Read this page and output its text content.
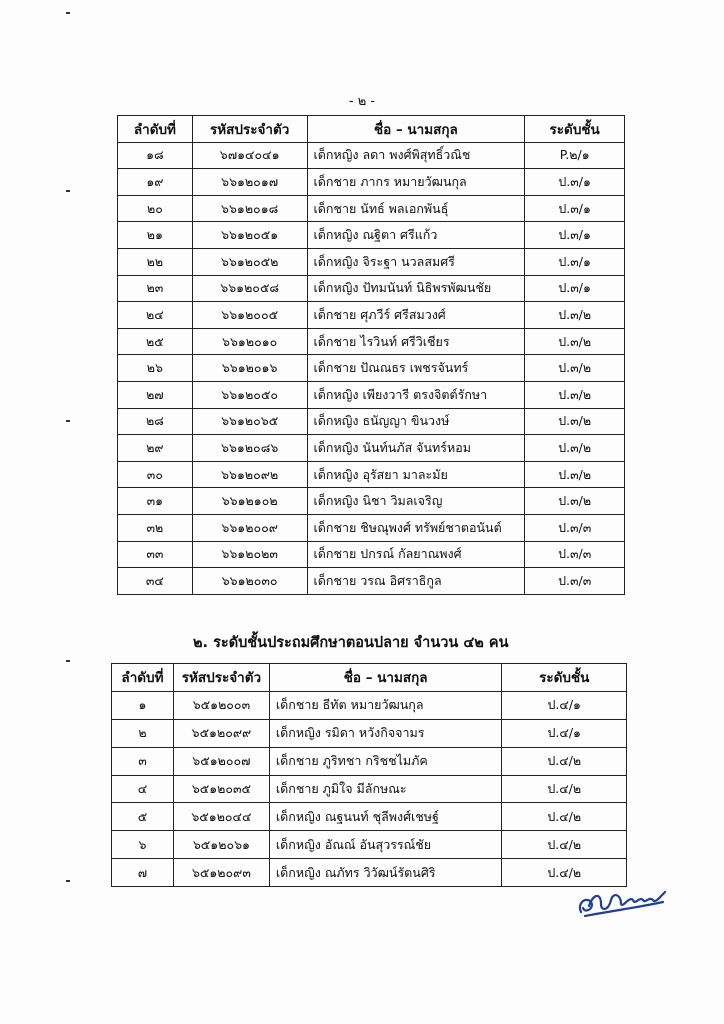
- ๒ -
ลำดับที่	รหัสประจำตัว	ชื่อ – นามสกุล	ระดับชั้น
๑๘	๖๗๑๔๐๔๑	เด็กหญิง ลดา พงศ์พิสุทธิ์วณิช	P.๒/๑
๑๙	๖๖๑๒๐๑๗	เด็กชาย ภากร หมายวัฒนกุล	ป.๓/๑
๒๐	๖๖๑๒๐๑๘	เด็กชาย นัทธ์ พลเอกพันธุ์	ป.๓/๑
๒๑	๖๖๑๒๐๕๑	เด็กหญิง ณฐิตา ศรีแก้ว	ป.๓/๑
๒๒	๖๖๑๒๐๕๒	เด็กหญิง จิระฐา นวลสมศรี	ป.๓/๑
๒๓	๖๖๑๒๐๕๘	เด็กหญิง ปัทมนันท์ นิธิพรพัฒนชัย	ป.๓/๑
๒๔	๖๖๑๒๐๐๕	เด็กชาย ศุภวีร์ ศรีสมวงศ์	ป.๓/๒
๒๕	๖๖๑๒๐๑๐	เด็กชาย ไรวินท์ ศรีวิเชียร	ป.๓/๒
๒๖	๖๖๑๒๐๑๖	เด็กชาย ปัณณธร เพชรจันทร์	ป.๓/๒
๒๗	๖๖๑๒๐๕๐	เด็กหญิง เพียงวารี ตรงจิตต์รักษา	ป.๓/๒
๒๘	๖๖๑๒๐๖๕	เด็กหญิง ธนัญญา ขินวงษ์	ป.๓/๒
๒๙	๖๖๑๒๐๘๖	เด็กหญิง นันท์นภัส จันทร์หอม	ป.๓/๒
๓๐	๖๖๑๒๐๙๒	เด็กหญิง อุรัสยา มาละมัย	ป.๓/๒
๓๑	๖๖๑๒๑๐๒	เด็กหญิง นิชา วิมลเจริญ	ป.๓/๒
๓๒	๖๖๑๒๐๐๙	เด็กชาย ชิษณุพงศ์ ทรัพย์ชาตอนันต์	ป.๓/๓
๓๓	๖๖๑๒๐๒๓	เด็กชาย ปกรณ์ กัลยาณพงศ์	ป.๓/๓
๓๔	๖๖๑๒๐๓๐	เด็กชาย วรณ อิศราธิกูล	ป.๓/๓
๒. ระดับชั้นประถมศึกษาตอนปลาย จำนวน ๔๒ คน
ลำดับที่	รหัสประจำตัว	ชื่อ – นามสกุล	ระดับชั้น
๑	๖๕๑๒๐๐๓	เด็กชาย ธีทัต หมายวัฒนกุล	ป.๔/๑
๒	๖๕๑๒๐๙๙	เด็กหญิง รมิดา หวังกิจจามร	ป.๔/๑
๓	๖๕๑๒๐๐๗	เด็กชาย ภูริทชา กริชชไมภัค	ป.๔/๒
๔	๖๕๑๒๐๓๕	เด็กชาย ภูมิใจ มีลักษณะ	ป.๔/๒
๕	๖๕๑๒๐๔๔	เด็กหญิง ณฐนนท์ ชุลีพงศ์เชษฐ์	ป.๔/๒
๖	๖๕๑๒๐๖๑	เด็กหญิง อัณณ์ อันสุวรรณ์ชัย	ป.๔/๒
๗	๖๕๑๒๐๙๓	เด็กหญิง ณภัทร วิวัฒน์รัตนศิริ	ป.๔/๒
